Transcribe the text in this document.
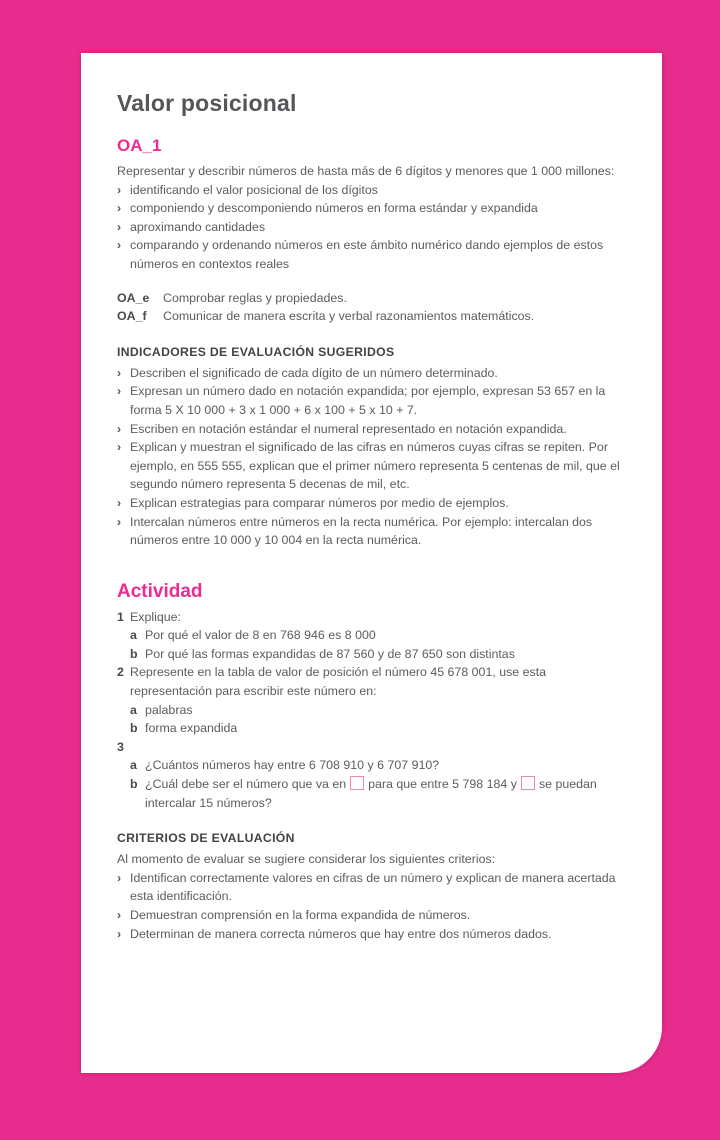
Valor posicional
OA_1

Representar y describir números de hasta más de 6 dígitos y menores que 1 000 millones:

› identificando el valor posicional de los dígitos
› componiendo y descomponiendo números en forma estándar y expandida
› aproximando cantidades
› comparando y ordenando números en este ámbito numérico dando ejemplos de estos números en contextos reales
OA_e	Comprobar reglas y propiedades.
OA_f	Comunicar de manera escrita y verbal razonamientos matemáticos.
INDICADORES DE EVALUACIÓN SUGERIDOS
› Describen el significado de cada dígito de un número determinado.
› Expresan un número dado en notación expandida; por ejemplo, expresan 53 657 en la forma 5 X 10 000 + 3 x 1 000 + 6 x 100 + 5 x 10 + 7.
› Escriben en notación estándar el numeral representado en notación expandida.
› Explican y muestran el significado de las cifras en números cuyas cifras se repiten. Por ejemplo, en 555 555, explican que el primer número representa 5 centenas de mil, que el segundo número representa 5 decenas de mil, etc.
› Explican estrategias para comparar números por medio de ejemplos.
› Intercalan números entre números en la recta numérica. Por ejemplo: intercalan dos números entre 10 000 y 10 004 en la recta numérica.
Actividad
1 Explique:
a Por qué el valor de 8 en 768 946 es 8 000
b Por qué las formas expandidas de 87 560 y de 87 650 son distintas
2 Represente en la tabla de valor de posición el número 45 678 001, use esta representación para escribir este número en:
a palabras
b forma expandida
3
a ¿Cuántos números hay entre 6 708 910 y 6 707 910?
b ¿Cuál debe ser el número que va en para que entre 5 798 184 y se puedan intercalar 15 números?
CRITERIOS DE EVALUACIÓN

Al momento de evaluar se sugiere considerar los siguientes criterios:

› Identifican correctamente valores en cifras de un número y explican de manera acertada esta identificación.
› Demuestran comprensión en la forma expandida de números.
› Determinan de manera correcta números que hay entre dos números dados.
